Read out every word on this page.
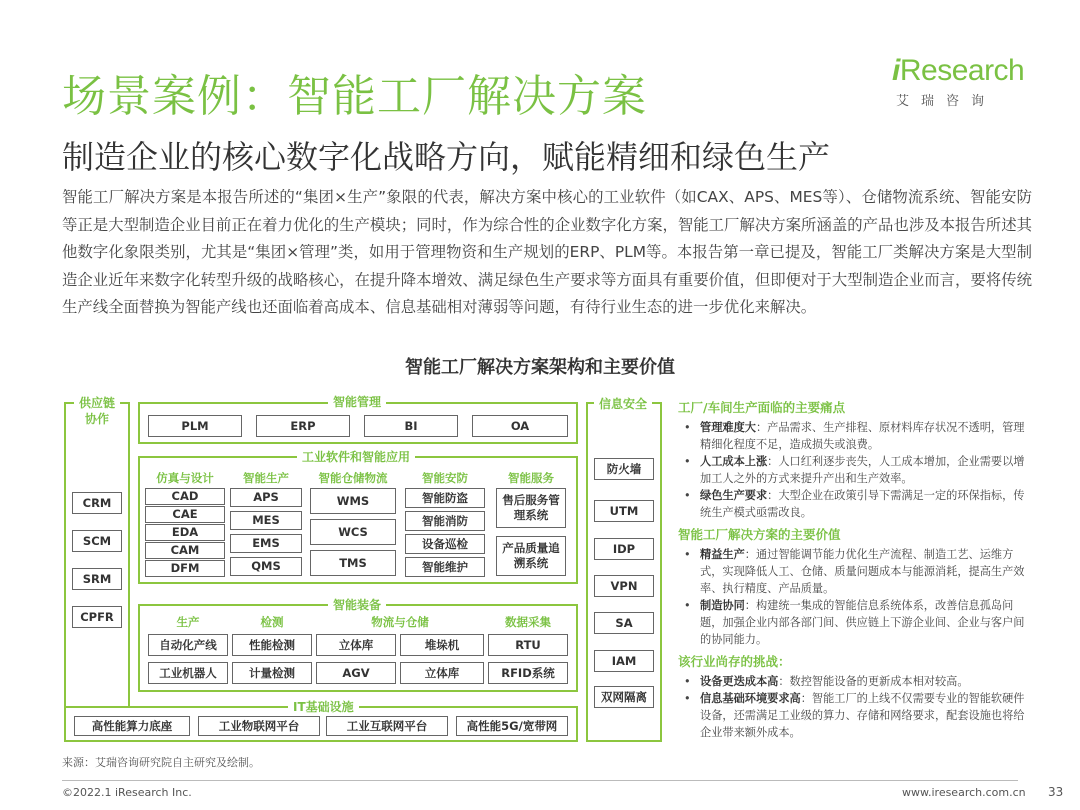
场景案例：智能工厂解决方案
iResearch
艾瑞咨询
制造企业的核心数字化战略方向，赋能精细和绿色生产
智能工厂解决方案是本报告所述的“集团×生产”象限的代表，解决方案中核心的工业软件（如CAX、APS、MES等）、仓储物流系统、智能安防等正是大型制造企业目前正在着力优化的生产模块；同时，作为综合性的企业数字化方案，智能工厂解决方案所涵盖的产品也涉及本报告所述其他数字化象限类别，尤其是“集团×管理”类，如用于管理物资和生产规划的ERP、PLM等。本报告第一章已提及，智能工厂类解决方案是大型制造企业近年来数字化转型升级的战略核心，在提升降本增效、满足绿色生产要求等方面具有重要价值，但即便对于大型制造企业而言，要将传统生产线全面替换为智能产线也还面临着高成本、信息基础相对薄弱等问题，有待行业生态的进一步优化来解决。
智能工厂解决方案架构和主要价值
供应链协作
CRM
SCM
SRM
CPFR
智能管理
PLM	ERP	BI	OA
工业软件和智能应用
仿真与设计
CAD
CAE
EDA
CAM
DFM
智能生产
APS
MES
EMS
QMS
智能仓储物流
WMS
WCS
TMS
智能安防
智能防盗
智能消防
设备巡检
智能维护
智能服务
售后服务管理系统
产品质量追溯系统
智能装备
生产	检测	物流与仓储	数据采集
自动化产线	性能检测	立体库	堆垛机	RTU
工业机器人	计量检测	AGV	立体库	RFID系统
IT基础设施
高性能算力底座	工业物联网平台	工业互联网平台	高性能5G/宽带网
信息安全
防火墙
UTM
IDP
VPN
SA
IAM
双网隔离
工厂/车间生产面临的主要痛点
• 管理难度大：产品需求、生产排程、原材料库存状况不透明，管理精细化程度不足，造成损失或浪费。
• 人工成本上涨：人口红利逐步丧失，人工成本增加，企业需要以增加工人之外的方式来提升产出和生产效率。
• 绿色生产要求：大型企业在政策引导下需满足一定的环保指标，传统生产模式亟需改良。
智能工厂解决方案的主要价值
• 精益生产：通过智能调节能力优化生产流程、制造工艺、运维方式，实现降低人工、仓储、质量问题成本与能源消耗，提高生产效率、执行精度、产品质量。
• 制造协同：构建统一集成的智能信息系统体系，改善信息孤岛问题，加强企业内部各部门间、供应链上下游企业间、企业与客户间的协同能力。
该行业尚存的挑战：
• 设备更迭成本高：数控智能设备的更新成本相对较高。
• 信息基础环境要求高：智能工厂的上线不仅需要专业的智能软硬件设备，还需满足工业级的算力、存储和网络要求，配套设施也将给企业带来额外成本。
来源：艾瑞咨询研究院自主研究及绘制。
©2022.1 iResearch Inc.	www.iresearch.com.cn 33
